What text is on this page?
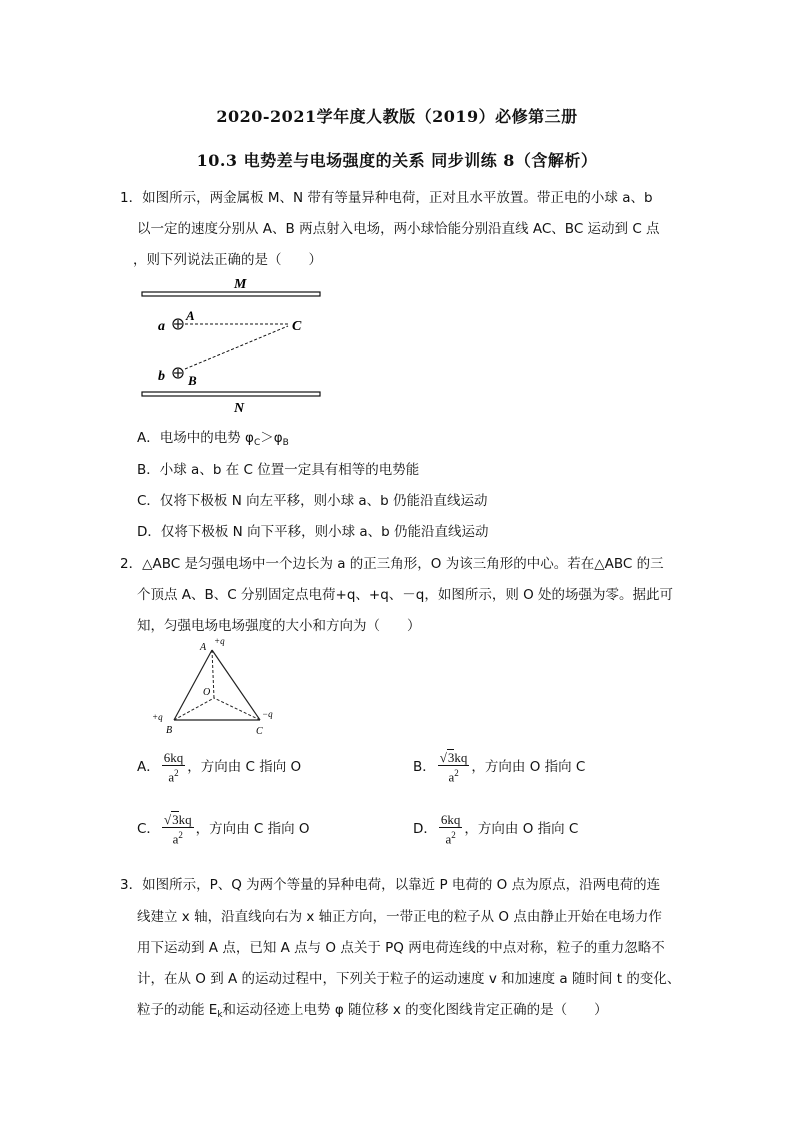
2020-2021学年度人教版（2019）必修第三册
10.3 电势差与电场强度的关系 同步训练 8（含解析）
1．如图所示，两金属板 M、N 带有等量异种电荷，正对且水平放置。带正电的小球 a、b
以一定的速度分别从 A、B 两点射入电场，两小球恰能分别沿直线 AC、BC 运动到 C 点
，则下列说法正确的是（　　）
M
N
a
A
C
b B
A．电场中的电势 $\varphi_C>\varphi_B$
B．小球 a、b 在 C 位置一定具有相等的电势能
C．仅将下极板 N 向左平移，则小球 a、b 仍能沿直线运动
D．仅将下极板 N 向下平移，则小球 a、b 仍能沿直线运动
2．△ABC 是匀强电场中一个边长为 a 的正三角形，O 为该三角形的中心。若在△ABC 的三
个顶点 A、B、C 分别固定点电荷+q、+q、－q，如图所示，则 O 处的场强为零。据此可
知，匀强电场电场强度的大小和方向为（　　）
A
+q
O
+q
B
−q
C
A． $\frac{6kq}{a^2}$ ，方向由 C 指向 O	B． $\frac{√3kq}{a^2}$ ，方向由 O 指向 C
C． $\frac{√3kq}{a^2}$ ，方向由 C 指向 O	D． $\frac{6kq}{a^2}$ ，方向由 O 指向 C
3．如图所示，P、Q 为两个等量的异种电荷，以靠近 P 电荷的 O 点为原点，沿两电荷的连
线建立 x 轴，沿直线向右为 x 轴正方向，一带正电的粒子从 O 点由静止开始在电场力作
用下运动到 A 点，已知 A 点与 O 点关于 PQ 两电荷连线的中点对称，粒子的重力忽略不
计，在从 O 到 A 的运动过程中，下列关于粒子的运动速度 v 和加速度 a 随时间 t 的变化、
粒子的动能 $E_k$和运动径迹上电势 φ 随位移 x 的变化图线肯定正确的是（　　）
